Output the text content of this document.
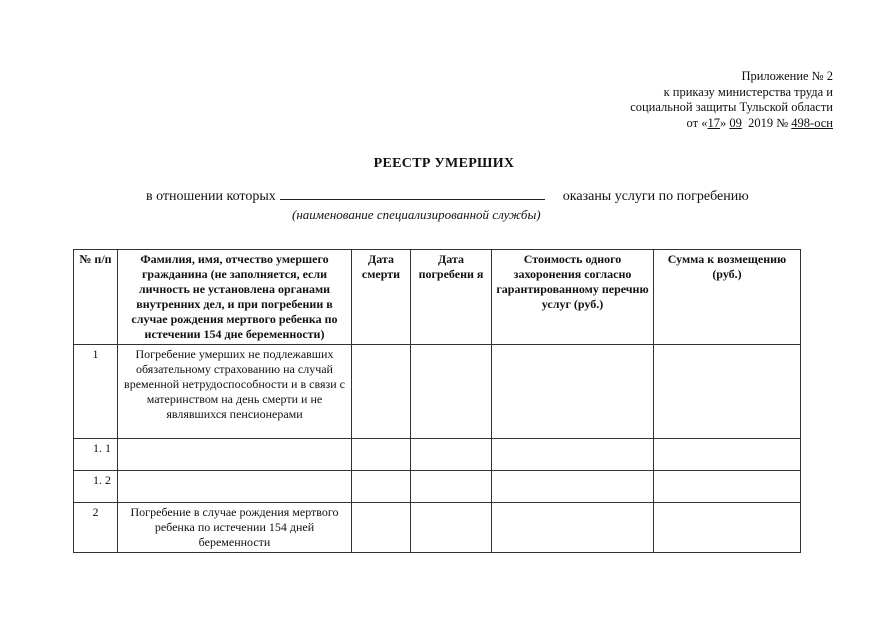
Приложение № 2
к приказу министерства труда и
социальной защиты Тульской области
от «17» 09  2019 № 498-осн
РЕЕСТР УМЕРШИХ
в отношении которых	оказаны услуги по погребению
(наименование специализированной службы)
№ п/п	Фамилия, имя, отчество умершего гражданина (не заполняется, если личность не установлена органами внутренних дел, и при погребении в случае рождения мертвого ребенка по истечении 154 дне беременности)	Дата смерти	Дата погребени я	Стоимость одного захоронения согласно гарантированному перечню услуг (руб.)	Сумма к возмещению (руб.)
1	Погребение умерших не подлежавших обязательному страхованию на случай временной нетрудоспособности и в связи с материнством на день смерти и не являвшихся пенсионерами				
1. 1					
1. 2					
2	Погребение в случае рождения мертвого ребенка по истечении 154 дней беременности				
